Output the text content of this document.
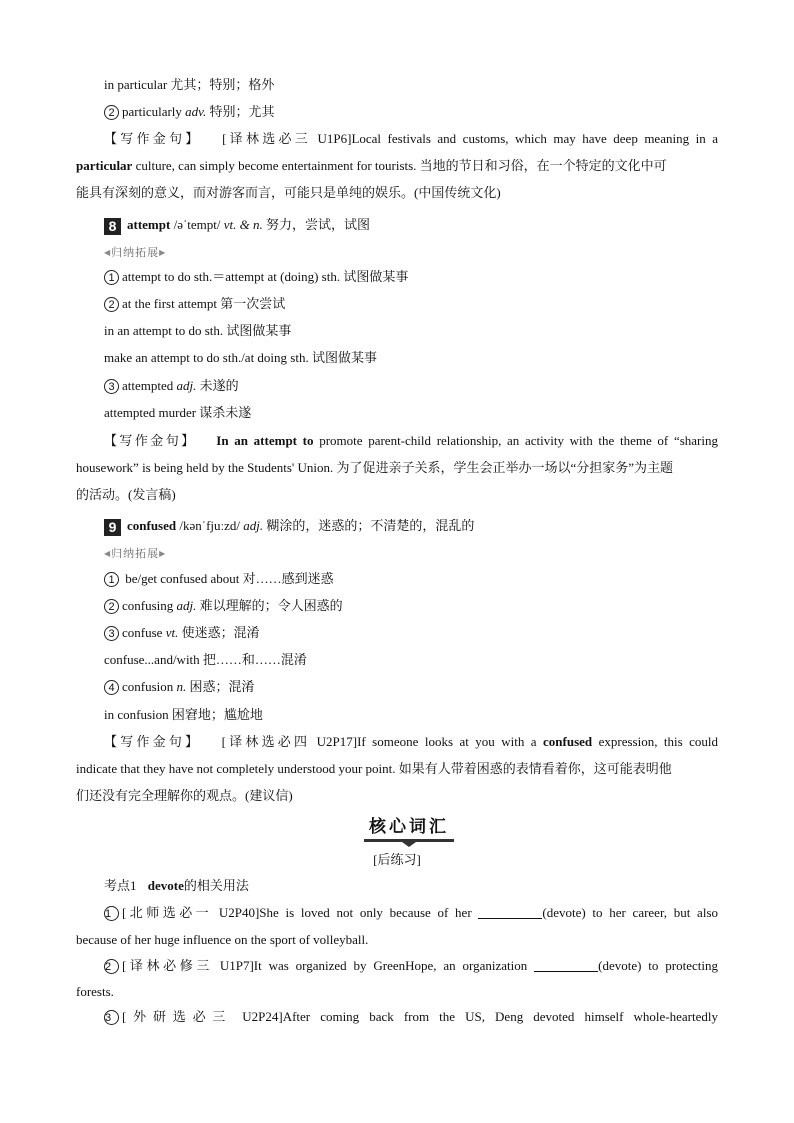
in particular 尤其；特别；格外
2 particularly adv. 特别；尤其
【写作金句】 [译林选必三 U1P6]Local festivals and customs, which may have deep meaning in a
particular culture, can simply become entertainment for tourists. 当地的节日和习俗，在一个特定的文化中可
能具有深刻的意义，而对游客而言，可能只是单纯的娱乐。(中国传统文化)
8 attempt /əˈtempt/ vt. & n. 努力，尝试，试图
◀归纳拓展▶
1 attempt to do sth.＝attempt at (doing) sth. 试图做某事
2 at the first attempt 第一次尝试
in an attempt to do sth. 试图做某事
make an attempt to do sth./at doing sth. 试图做某事
3 attempted adj. 未遂的
attempted murder 谋杀未遂
【写作金句】 In an attempt to promote parent-child relationship, an activity with the theme of “sharing
housework” is being held by the Students' Union. 为了促进亲子关系，学生会正举办一场以“分担家务”为主题
的活动。(发言稿)
9 confused /kənˈfjuːzd/ adj. 糊涂的，迷惑的；不清楚的，混乱的
◀归纳拓展▶
1 be/get confused about 对……感到迷惑
2 confusing adj. 难以理解的；令人困惑的
3 confuse vt. 使迷惑；混淆
confuse...and/with 把……和……混淆
4 confusion n. 困惑；混淆
in confusion 困窘地；尴尬地
【写作金句】 [译林选必四 U2P17]If someone looks at you with a confused expression, this could
indicate that they have not completely understood your point. 如果有人带着困惑的表情看着你，这可能表明他
们还没有完全理解你的观点。(建议信)
核心词汇
[后练习]
考点1 devote的相关用法
1 [北师选必一 U2P40]She is loved not only because of her	(devote) to her career, but also
because of her huge influence on the sport of volleyball.
2 [译林必修三 U1P7]It was organized by GreenHope, an organization	(devote) to protecting
forests.
3 [外研选必三 U2P24]After coming back from the US, Deng devoted himself whole-heartedly
